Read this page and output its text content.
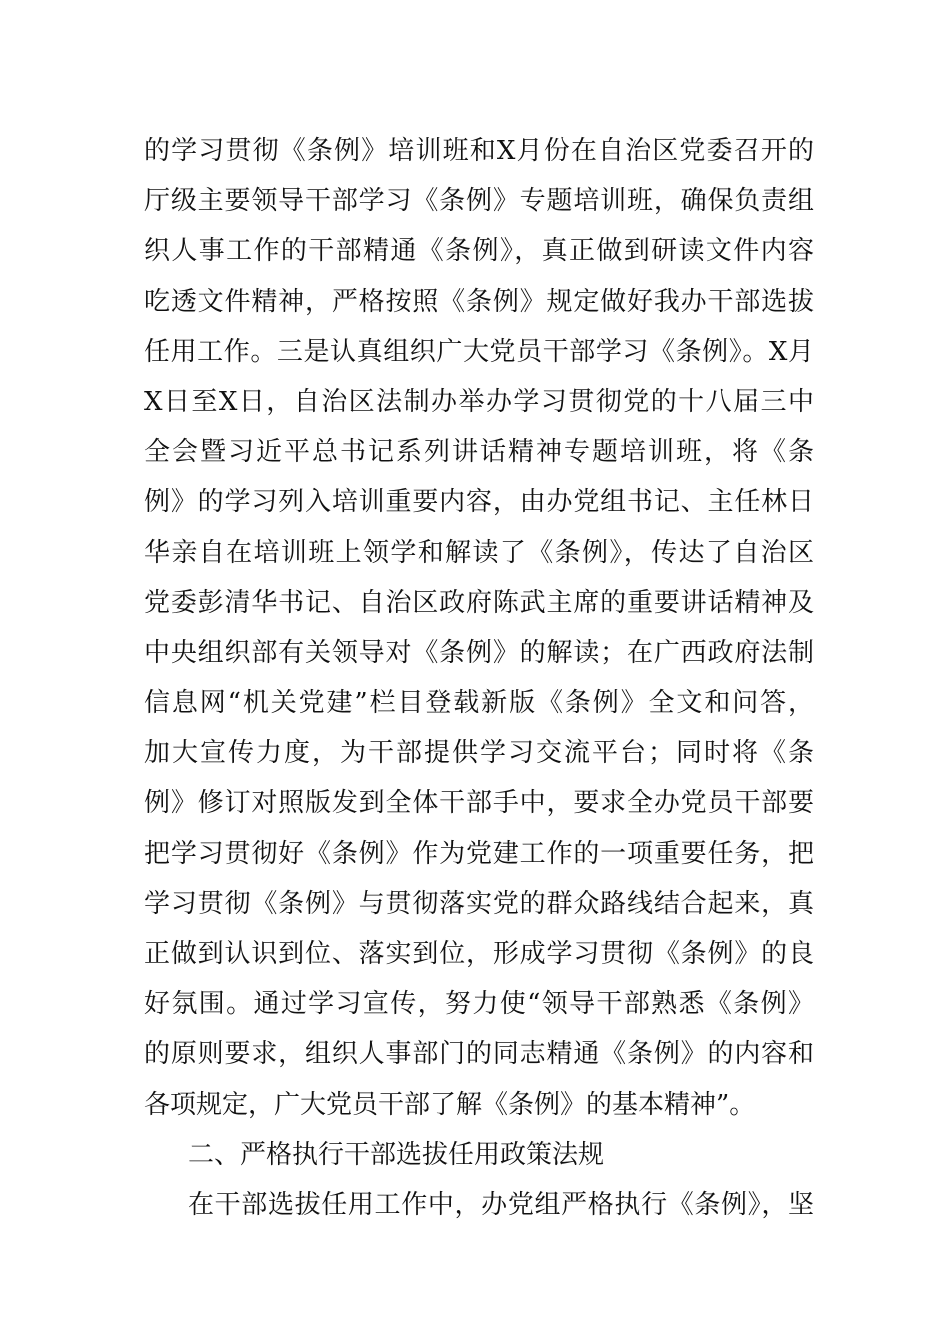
的学习贯彻《条例》培训班和X月份在自治区党委召开的
厅级主要领导干部学习《条例》专题培训班，确保负责组
织人事工作的干部精通《条例》，真正做到研读文件内容
吃透文件精神，严格按照《条例》规定做好我办干部选拔
任用工作。三是认真组织广大党员干部学习《条例》。X月
X日至X日，自治区法制办举办学习贯彻党的十八届三中
全会暨习近平总书记系列讲话精神专题培训班，将《条
例》的学习列入培训重要内容，由办党组书记、主任林日
华亲自在培训班上领学和解读了《条例》，传达了自治区
党委彭清华书记、自治区政府陈武主席的重要讲话精神及
中央组织部有关领导对《条例》的解读；在广西政府法制
信息网“机关党建”栏目登载新版《条例》全文和问答，
加大宣传力度，为干部提供学习交流平台；同时将《条
例》修订对照版发到全体干部手中，要求全办党员干部要
把学习贯彻好《条例》作为党建工作的一项重要任务，把
学习贯彻《条例》与贯彻落实党的群众路线结合起来，真
正做到认识到位、落实到位，形成学习贯彻《条例》的良
好氛围。通过学习宣传，努力使“领导干部熟悉《条例》
的原则要求，组织人事部门的同志精通《条例》的内容和
各项规定，广大党员干部了解《条例》的基本精神”。
二、严格执行干部选拔任用政策法规
在干部选拔任用工作中，办党组严格执行《条例》，坚
